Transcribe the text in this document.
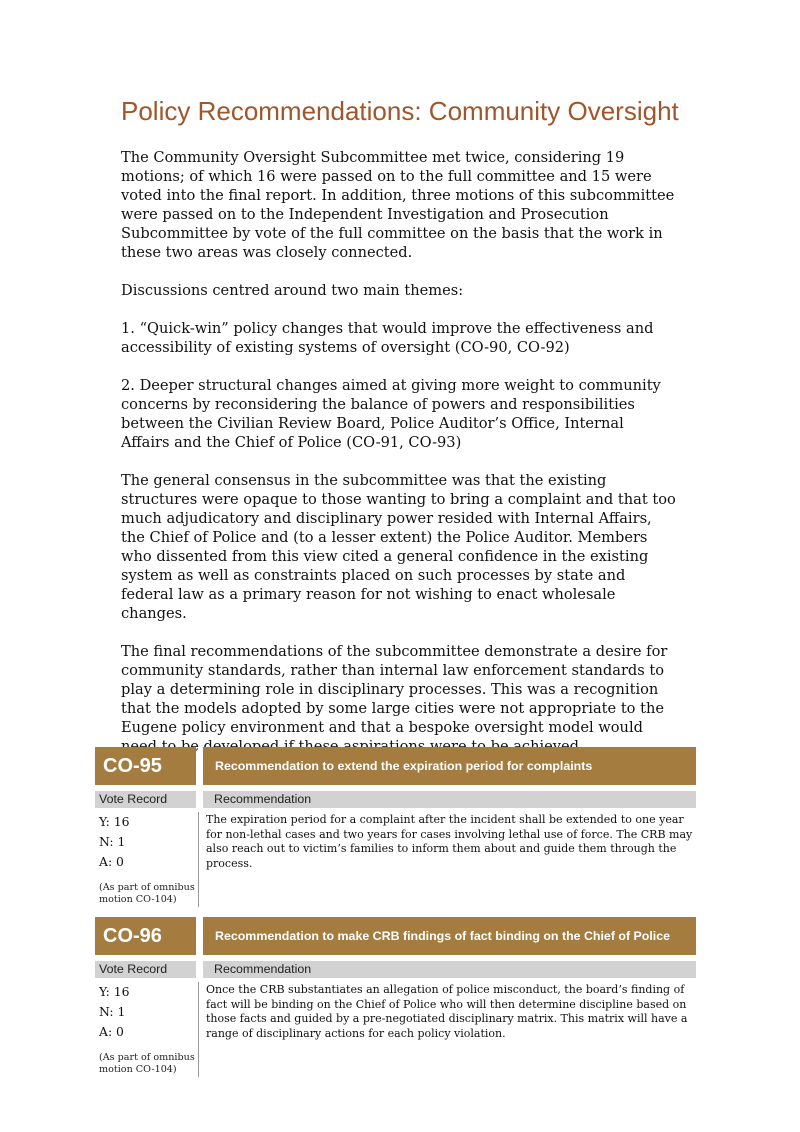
Policy Recommendations: Community Oversight

The Community Oversight Subcommittee met twice, considering 19 motions; of which 16 were passed on to the full committee and 15 were voted into the final report. In addition, three motions of this subcommittee were passed on to the Independent Investigation and Prosecution Subcommittee by vote of the full committee on the basis that the work in these two areas was closely connected.

Discussions centred around two main themes:

1. “Quick-win” policy changes that would improve the effectiveness and accessibility of existing systems of oversight (CO-90, CO-92)

2. Deeper structural changes aimed at giving more weight to community concerns by reconsidering the balance of powers and responsibilities between the Civilian Review Board, Police Auditor’s Office, Internal Affairs and the Chief of Police (CO-91, CO-93)

The general consensus in the subcommittee was that the existing structures were opaque to those wanting to bring a complaint and that too much adjudicatory and disciplinary power resided with Internal Affairs, the Chief of Police and (to a lesser extent) the Police Auditor. Members who dissented from this view cited a general confidence in the existing system as well as constraints placed on such processes by state and federal law as a primary reason for not wishing to enact wholesale changes.

The final recommendations of the subcommittee demonstrate a desire for community standards, rather than internal law enforcement standards to play a determining role in disciplinary processes. This was a recognition that the models adopted by some large cities were not appropriate to the Eugene policy environment and that a bespoke oversight model would

CO-95	Recommendation to extend the expiration period for complaints
Vote Record	Recommendation
Y: 16
N: 1
A: 0
(As part of omnibus motion CO-104)
The expiration period for a complaint after the incident shall be extended to one year for non-lethal cases and two years for cases involving lethal use of force. The CRB may also reach out to victim’s families to inform them about and guide them through the process.
CO-96	Recommendation to make CRB findings of fact binding on the Chief of Police
Vote Record	Recommendation
Y: 16
N: 1
A: 0
(As part of omnibus motion CO-104)
Once the CRB substantiates an allegation of police misconduct, the board’s finding of fact will be binding on the Chief of Police who will then determine discipline based on those facts and guided by a pre-negotiated disciplinary matrix. This matrix will have a range of disciplinary actions for each policy violation.
